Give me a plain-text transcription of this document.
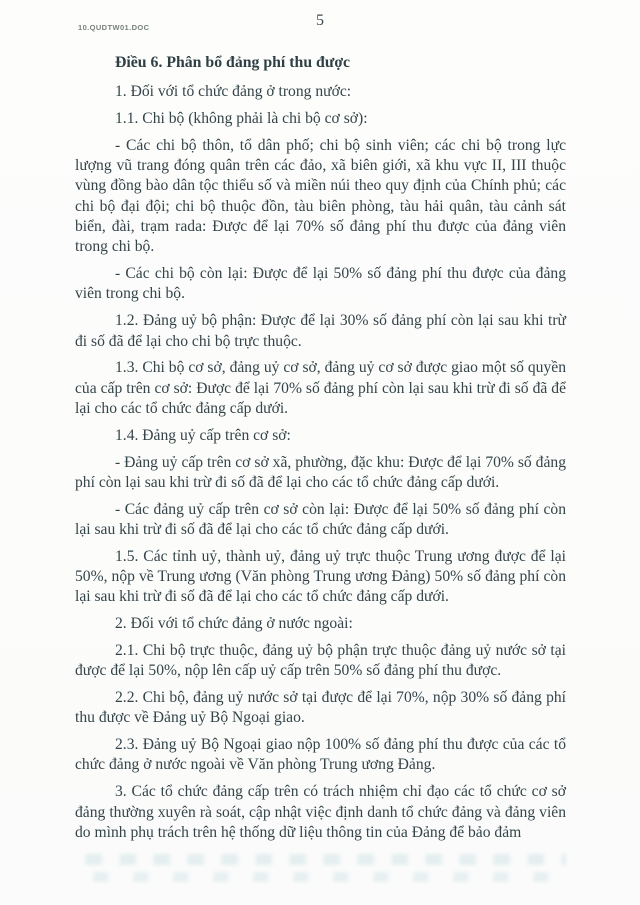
10.QUDTW01.DOC	5

Điều 6. Phân bổ đảng phí thu được

1. Đối với tổ chức đảng ở trong nước:

1.1. Chi bộ (không phải là chi bộ cơ sở):

- Các chi bộ thôn, tổ dân phố; chi bộ sinh viên; các chi bộ trong lực lượng vũ trang đóng quân trên các đảo, xã biên giới, xã khu vực II, III thuộc vùng đồng bào dân tộc thiểu số và miền núi theo quy định của Chính phủ; các chi bộ đại đội; chi bộ thuộc đồn, tàu biên phòng, tàu hải quân, tàu cảnh sát biển, đài, trạm rada: Được để lại 70% số đảng phí thu được của đảng viên trong chi bộ.

- Các chi bộ còn lại: Được để lại 50% số đảng phí thu được của đảng viên trong chi bộ.

1.2. Đảng uỷ bộ phận: Được để lại 30% số đảng phí còn lại sau khi trừ đi số đã để lại cho chi bộ trực thuộc.

1.3. Chi bộ cơ sở, đảng uỷ cơ sở, đảng uỷ cơ sở được giao một số quyền của cấp trên cơ sở: Được để lại 70% số đảng phí còn lại sau khi trừ đi số đã để lại cho các tổ chức đảng cấp dưới.

1.4. Đảng uỷ cấp trên cơ sở:

- Đảng uỷ cấp trên cơ sở xã, phường, đặc khu: Được để lại 70% số đảng phí còn lại sau khi trừ đi số đã để lại cho các tổ chức đảng cấp dưới.

- Các đảng uỷ cấp trên cơ sở còn lại: Được để lại 50% số đảng phí còn lại sau khi trừ đi số đã để lại cho các tổ chức đảng cấp dưới.

1.5. Các tỉnh uỷ, thành uỷ, đảng uỷ trực thuộc Trung ương được để lại 50%, nộp về Trung ương (Văn phòng Trung ương Đảng) 50% số đảng phí còn lại sau khi trừ đi số đã để lại cho các tổ chức đảng cấp dưới.

2. Đối với tổ chức đảng ở nước ngoài:

2.1. Chi bộ trực thuộc, đảng uỷ bộ phận trực thuộc đảng uỷ nước sở tại được để lại 50%, nộp lên cấp uỷ cấp trên 50% số đảng phí thu được.

2.2. Chi bộ, đảng uỷ nước sở tại được để lại 70%, nộp 30% số đảng phí thu được về Đảng uỷ Bộ Ngoại giao.

2.3. Đảng uỷ Bộ Ngoại giao nộp 100% số đảng phí thu được của các tổ chức đảng ở nước ngoài về Văn phòng Trung ương Đảng.

3. Các tổ chức đảng cấp trên có trách nhiệm chỉ đạo các tổ chức cơ sở đảng thường xuyên rà soát, cập nhật việc định danh tổ chức đảng và đảng viên do mình phụ trách trên hệ thống dữ liệu thông tin của Đảng để bảo đảm
